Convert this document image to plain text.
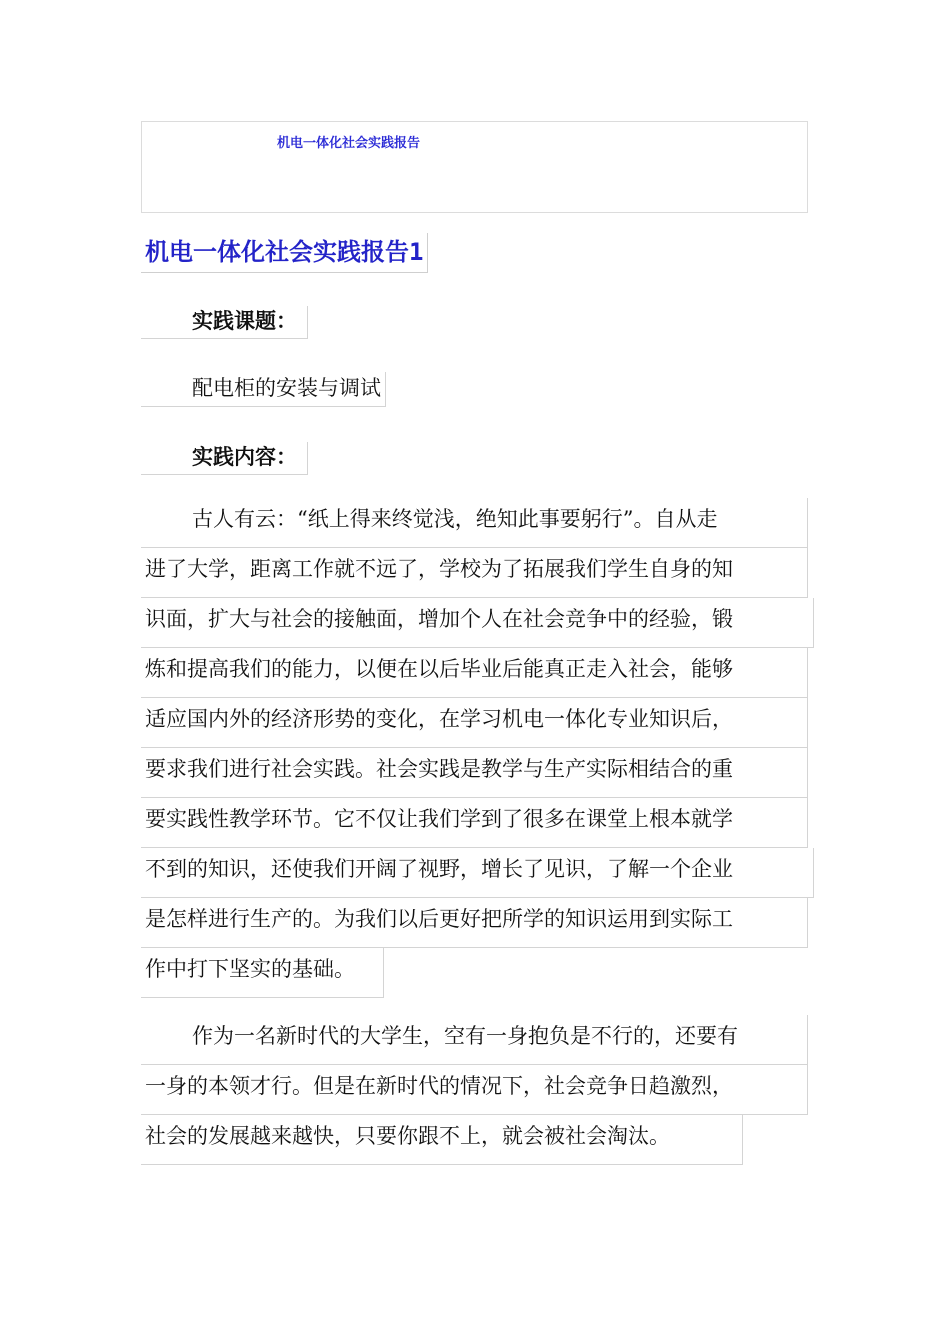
机电一体化社会实践报告
机电一体化社会实践报告1
实践课题：
配电柜的安装与调试
实践内容：
古人有云：“纸上得来终觉浅，绝知此事要躬行”。自从走
进了大学，距离工作就不远了，学校为了拓展我们学生自身的知
识面，扩大与社会的接触面，增加个人在社会竞争中的经验，锻
炼和提高我们的能力，以便在以后毕业后能真正走入社会，能够
适应国内外的经济形势的变化，在学习机电一体化专业知识后，
要求我们进行社会实践。社会实践是教学与生产实际相结合的重
要实践性教学环节。它不仅让我们学到了很多在课堂上根本就学
不到的知识，还使我们开阔了视野，增长了见识，了解一个企业
是怎样进行生产的。为我们以后更好把所学的知识运用到实际工
作中打下坚实的基础。
作为一名新时代的大学生，空有一身抱负是不行的，还要有
一身的本领才行。但是在新时代的情况下，社会竞争日趋激烈，
社会的发展越来越快，只要你跟不上，就会被社会淘汰。
